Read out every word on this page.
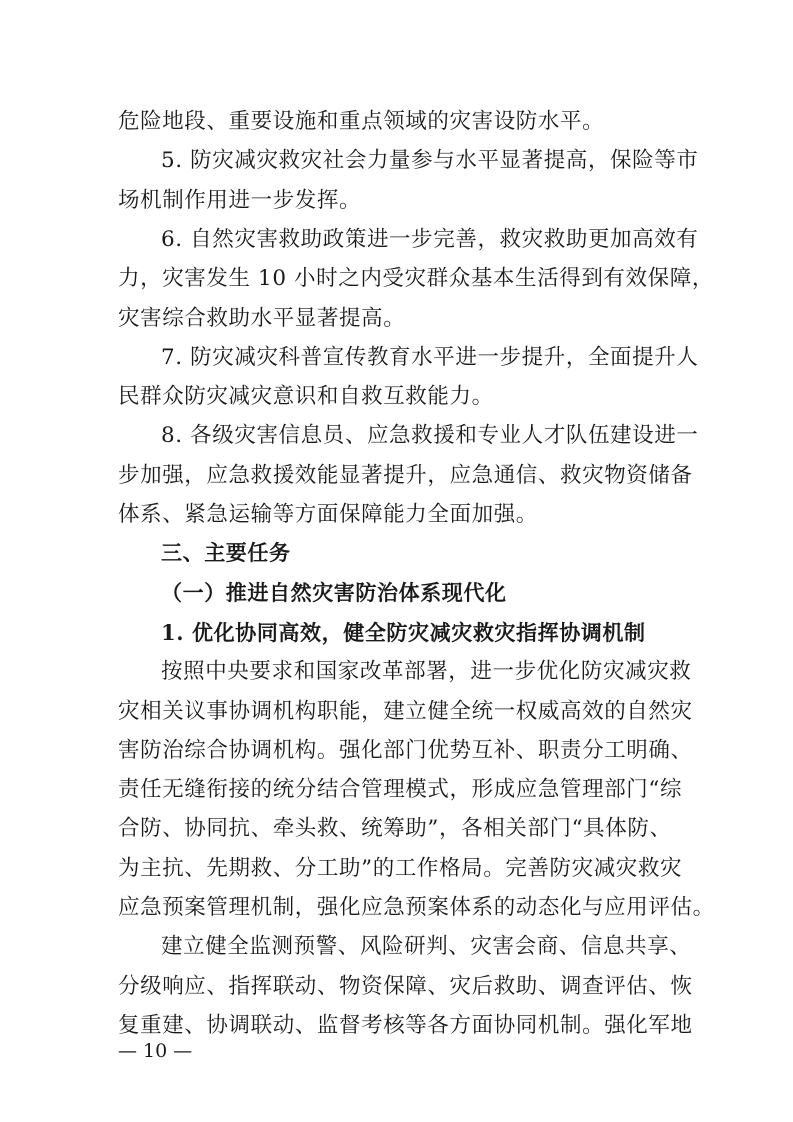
危险地段、重要设施和重点领域的灾害设防水平。
5. 防灾减灾救灾社会力量参与水平显著提高，保险等市
场机制作用进一步发挥。
6. 自然灾害救助政策进一步完善，救灾救助更加高效有
力，灾害发生 10 小时之内受灾群众基本生活得到有效保障，
灾害综合救助水平显著提高。
7. 防灾减灾科普宣传教育水平进一步提升，全面提升人
民群众防灾减灾意识和自救互救能力。
8. 各级灾害信息员、应急救援和专业人才队伍建设进一
步加强，应急救援效能显著提升，应急通信、救灾物资储备
体系、紧急运输等方面保障能力全面加强。
三、主要任务
（一）推进自然灾害防治体系现代化
1. 优化协同高效，健全防灾减灾救灾指挥协调机制
按照中央要求和国家改革部署，进一步优化防灾减灾救
灾相关议事协调机构职能，建立健全统一权威高效的自然灾
害防治综合协调机构。强化部门优势互补、职责分工明确、
责任无缝衔接的统分结合管理模式，形成应急管理部门“综
合防、协同抗、牵头救、统筹助”，各相关部门“具体防、
为主抗、先期救、分工助”的工作格局。完善防灾减灾救灾
应急预案管理机制，强化应急预案体系的动态化与应用评估。
建立健全监测预警、风险研判、灾害会商、信息共享、
分级响应、指挥联动、物资保障、灾后救助、调查评估、恢
复重建、协调联动、监督考核等各方面协同机制。强化军地
— 10 —
